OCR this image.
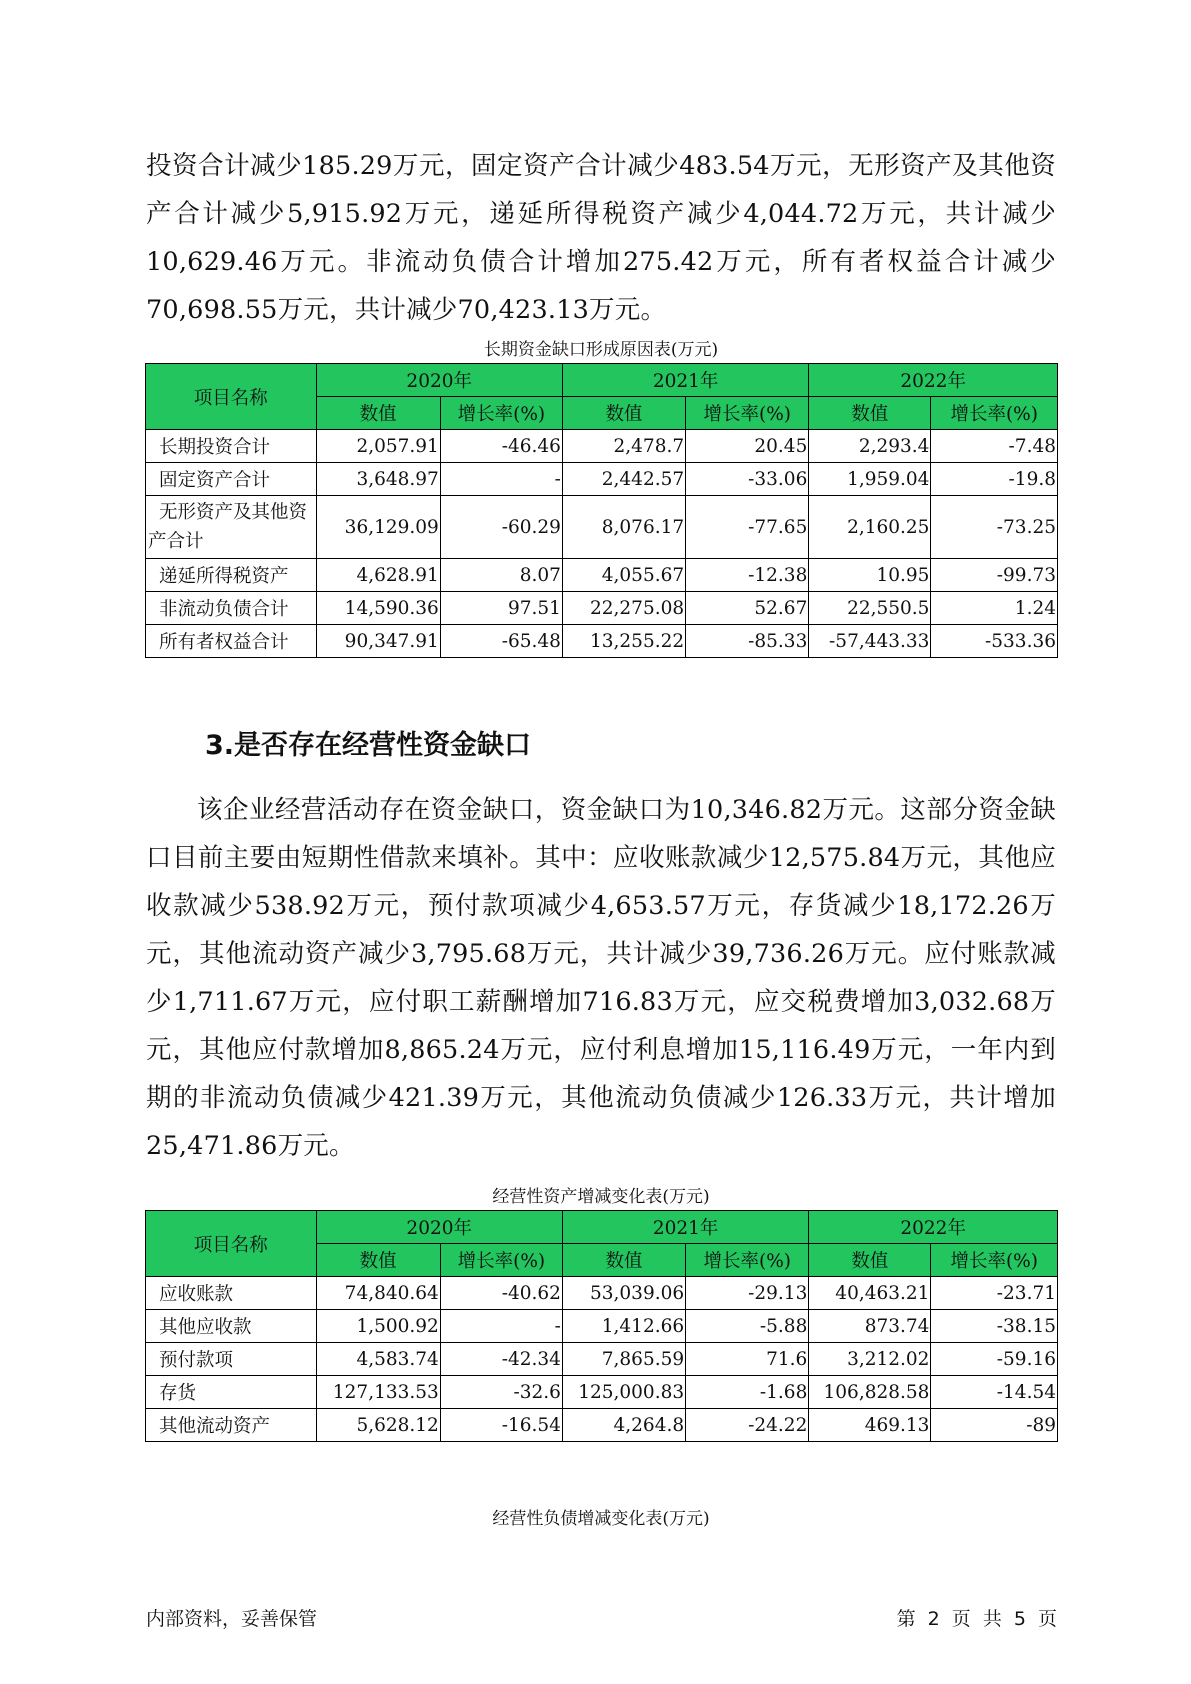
投资合计减少185.29万元，固定资产合计减少483.54万元，无形资产及其他资产合计减少5,915.92万元，递延所得税资产减少4,044.72万元，共计减少10,629.46万元。非流动负债合计增加275.42万元，所有者权益合计减少70,698.55万元，共计减少70,423.13万元。

长期资金缺口形成原因表(万元)
项目名称	2020年		2021年		2022年	
	数值	增长率(%)	数值	增长率(%)	数值	增长率(%)
长期投资合计	2,057.91	-46.46	2,478.7	20.45	2,293.4	-7.48
固定资产合计	3,648.97	-	2,442.57	-33.06	1,959.04	-19.8
无形资产及其他资产合计	36,129.09	-60.29	8,076.17	-77.65	2,160.25	-73.25
递延所得税资产	4,628.91	8.07	4,055.67	-12.38	10.95	-99.73
非流动负债合计	14,590.36	97.51	22,275.08	52.67	22,550.5	1.24
所有者权益合计	90,347.91	-65.48	13,255.22	-85.33	-57,443.33	-533.36
3.是否存在经营性资金缺口

该企业经营活动存在资金缺口，资金缺口为10,346.82万元。这部分资金缺口目前主要由短期性借款来填补。其中：应收账款减少12,575.84万元，其他应收款减少538.92万元，预付款项减少4,653.57万元，存货减少18,172.26万元，其他流动资产减少3,795.68万元，共计减少39,736.26万元。应付账款减少1,711.67万元，应付职工薪酬增加716.83万元，应交税费增加3,032.68万元，其他应付款增加8,865.24万元，应付利息增加15,116.49万元，一年内到期的非流动负债减少421.39万元，其他流动负债减少126.33万元，共计增加25,471.86万元。

经营性资产增减变化表(万元)
项目名称	2020年		2021年		2022年	
	数值	增长率(%)	数值	增长率(%)	数值	增长率(%)
应收账款	74,840.64	-40.62	53,039.06	-29.13	40,463.21	-23.71
其他应收款	1,500.92	-	1,412.66	-5.88	873.74	-38.15
预付款项	4,583.74	-42.34	7,865.59	71.6	3,212.02	-59.16
存货	127,133.53	-32.6	125,000.83	-1.68	106,828.58	-14.54
其他流动资产	5,628.12	-16.54	4,264.8	-24.22	469.13	-89
经营性负债增减变化表(万元)
内部资料，妥善保管	第 2 页 共 5 页
